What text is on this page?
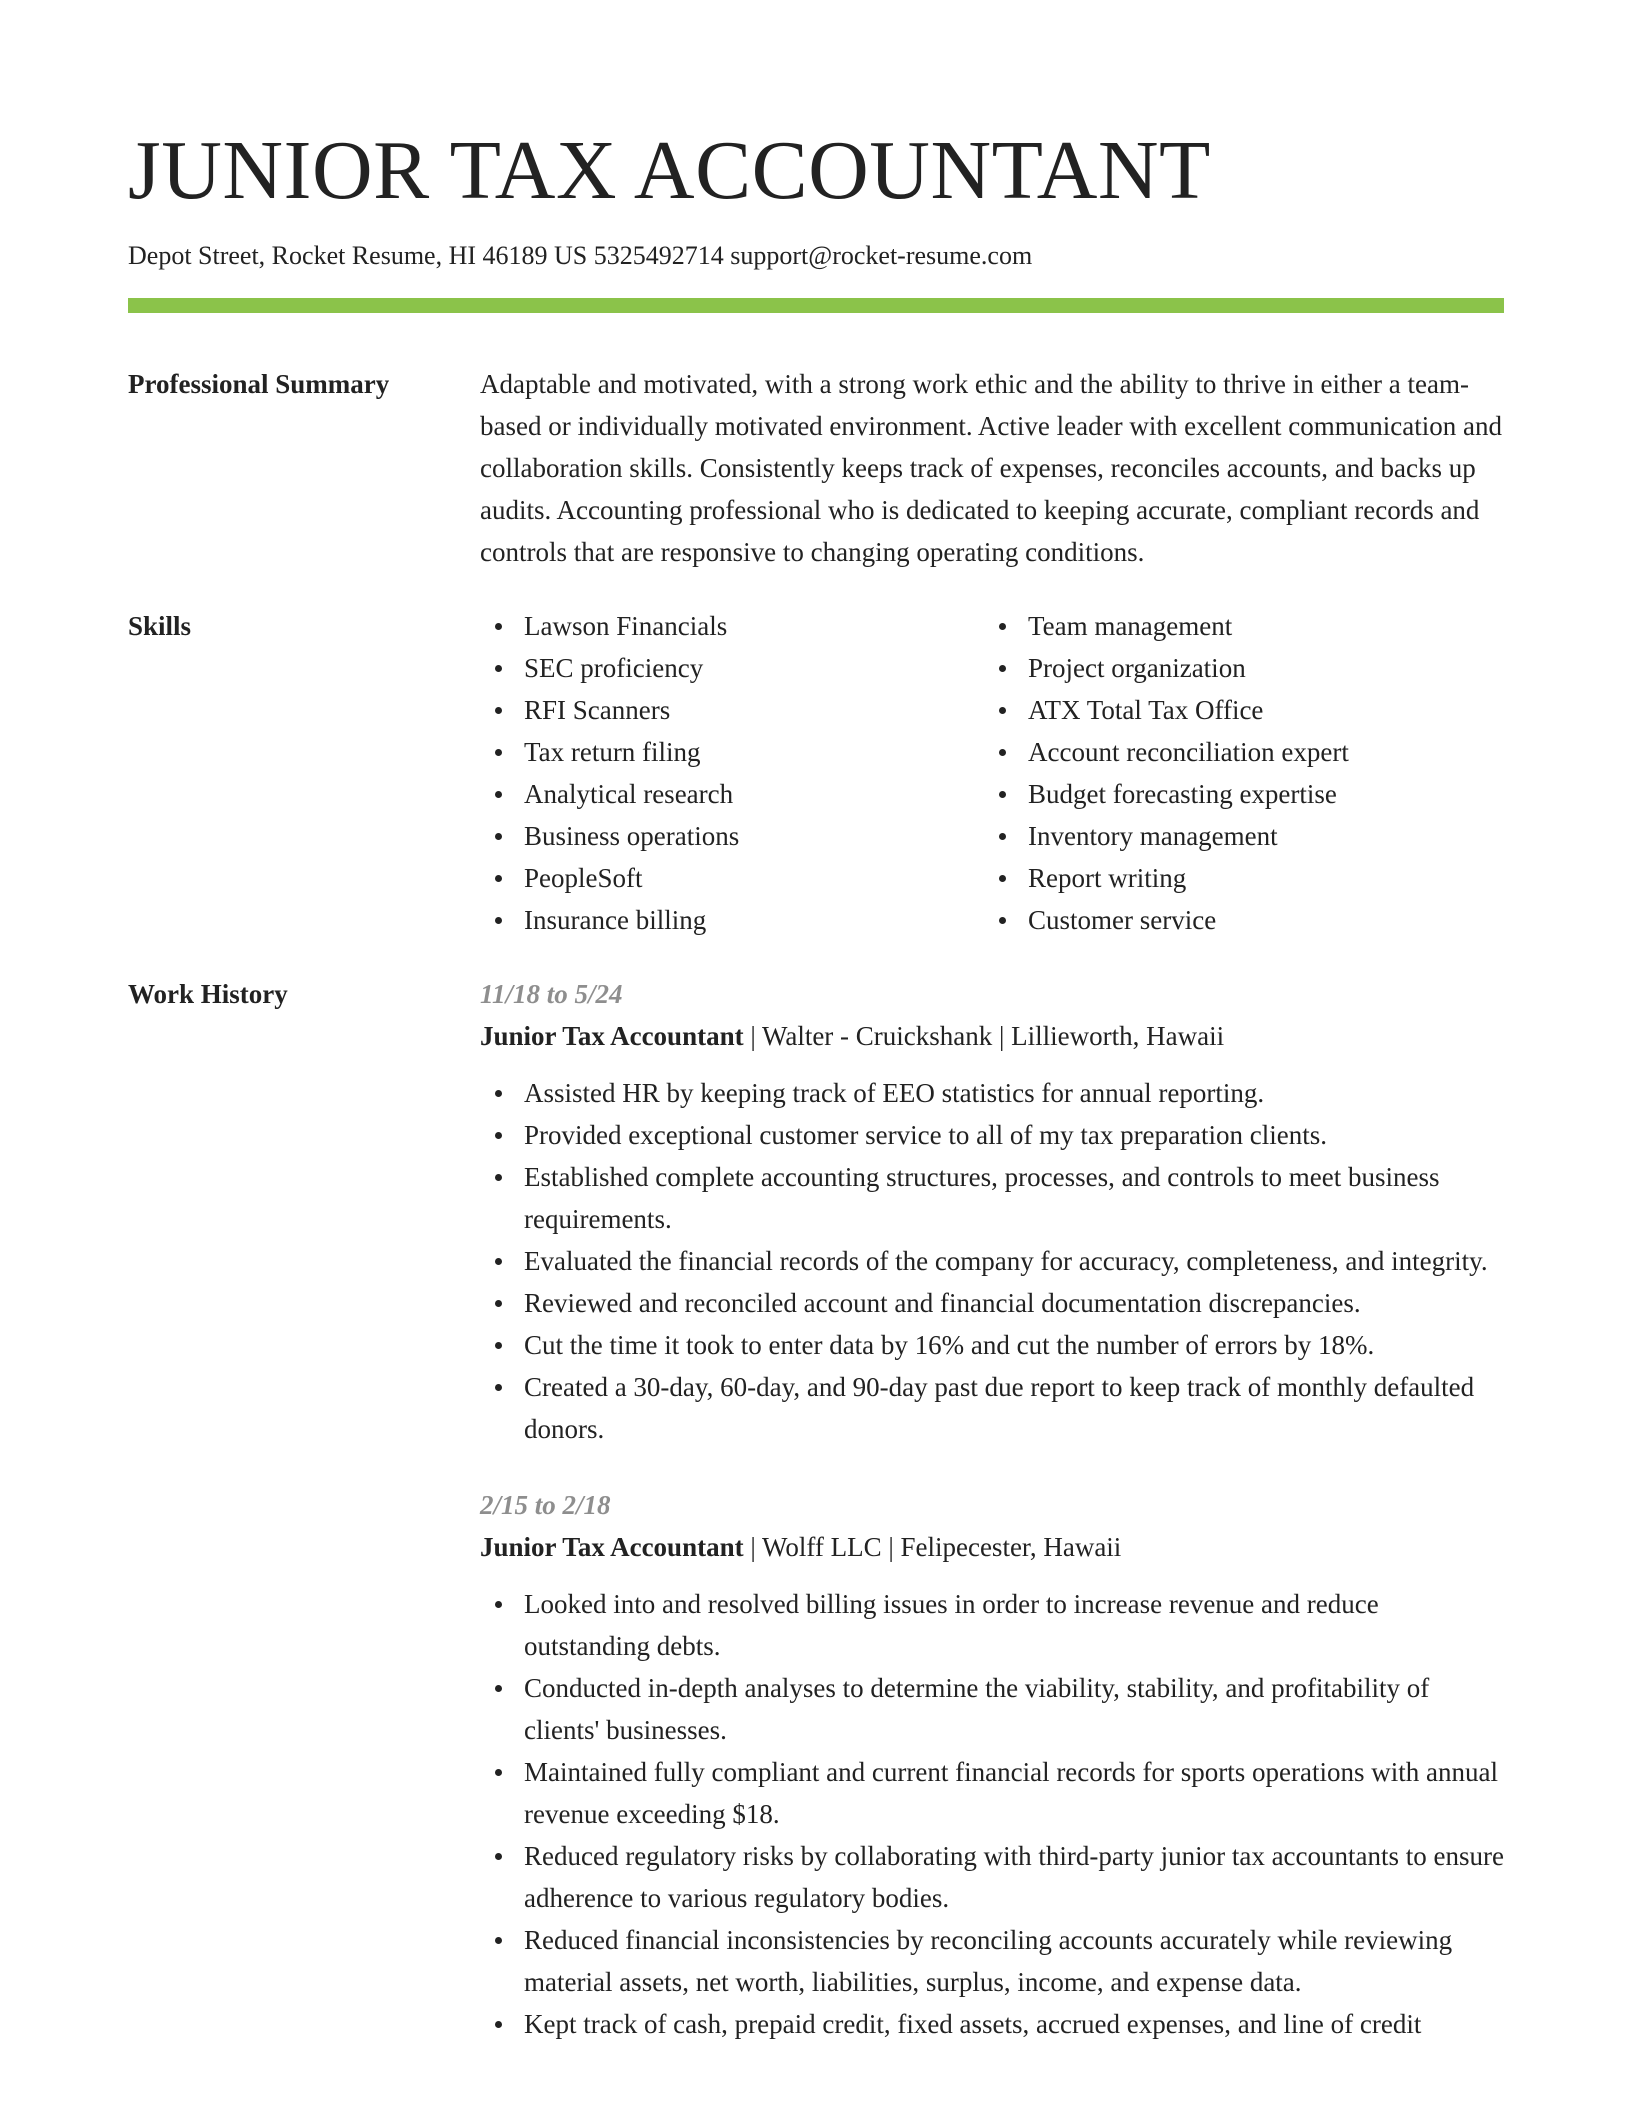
JUNIOR TAX ACCOUNTANT
Depot Street, Rocket Resume, HI 46189 US 5325492714 support@rocket-resume.com
Professional Summary	Adaptable and motivated, with a strong work ethic and the ability to thrive in either a team-based or individually motivated environment. Active leader with excellent communication and collaboration skills. Consistently keeps track of expenses, reconciles accounts, and backs up audits. Accounting professional who is dedicated to keeping accurate, compliant records and controls that are responsive to changing operating conditions.

Skills	Lawson Financials
SEC proficiency
RFI Scanners
Tax return filing
Analytical research
Business operations
PeopleSoft
Insurance billing
Team management
Project organization
ATX Total Tax Office
Account reconciliation expert
Budget forecasting expertise
Inventory management
Report writing
Customer service
Work History	11/18 to 5/24
Junior Tax Accountant | Walter - Cruickshank | Lillieworth, Hawaii
Assisted HR by keeping track of EEO statistics for annual reporting.
Provided exceptional customer service to all of my tax preparation clients.
Established complete accounting structures, processes, and controls to meet business requirements.
Evaluated the financial records of the company for accuracy, completeness, and integrity.
Reviewed and reconciled account and financial documentation discrepancies.
Cut the time it took to enter data by 16% and cut the number of errors by 18%.
Created a 30-day, 60-day, and 90-day past due report to keep track of monthly defaulted donors.
2/15 to 2/18
Junior Tax Accountant | Wolff LLC | Felipecester, Hawaii
Looked into and resolved billing issues in order to increase revenue and reduce outstanding debts.
Conducted in-depth analyses to determine the viability, stability, and profitability of clients' businesses.
Maintained fully compliant and current financial records for sports operations with annual revenue exceeding $18.
Reduced regulatory risks by collaborating with third-party junior tax accountants to ensure adherence to various regulatory bodies.
Reduced financial inconsistencies by reconciling accounts accurately while reviewing material assets, net worth, liabilities, surplus, income, and expense data.
Kept track of cash, prepaid credit, fixed assets, accrued expenses, and line of credit
